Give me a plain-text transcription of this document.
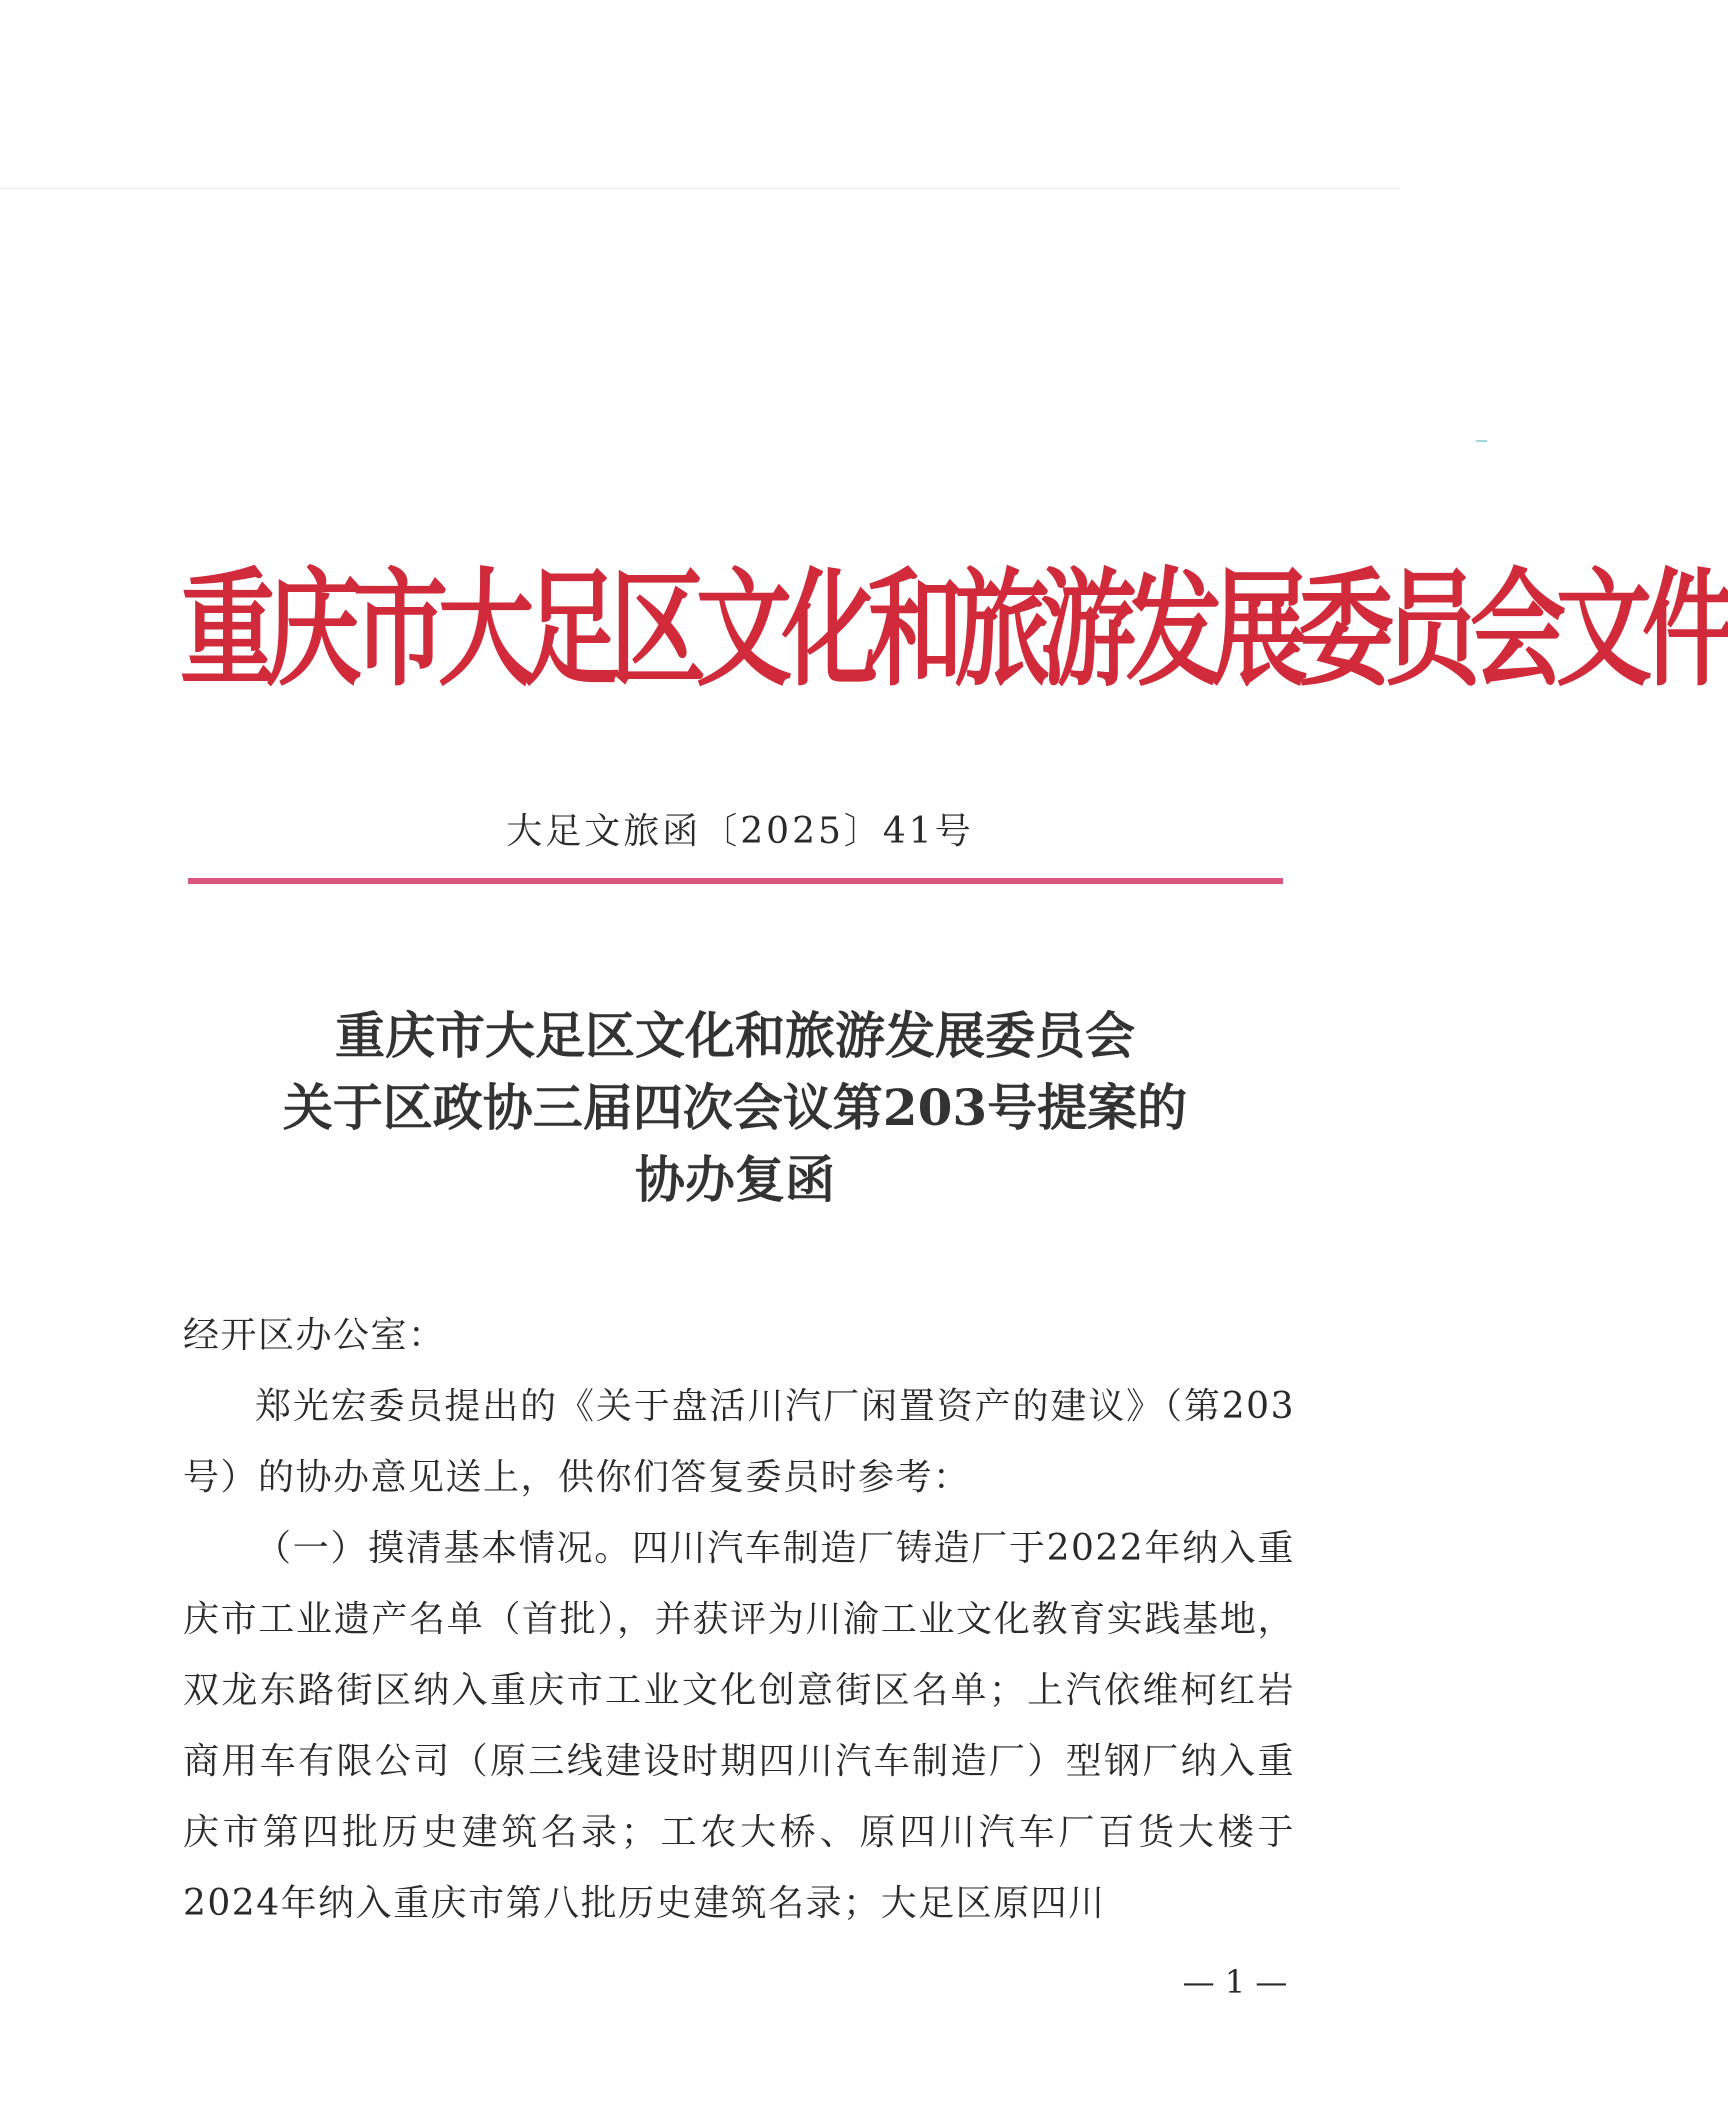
重庆市大足区文化和旅游发展委员会文件
大足文旅函〔2025〕41号
重庆市大足区文化和旅游发展委员会
关于区政协三届四次会议第203号提案的
协办复函

经开区办公室：

郑光宏委员提出的《关于盘活川汽厂闲置资产的建议》（第203号）的协办意见送上，供你们答复委员时参考：

（一）摸清基本情况。四川汽车制造厂铸造厂于2022年纳入重庆市工业遗产名单（首批），并获评为川渝工业文化教育实践基地，双龙东路街区纳入重庆市工业文化创意街区名单；上汽依维柯红岩商用车有限公司（原三线建设时期四川汽车制造厂）型钢厂纳入重庆市第四批历史建筑名录；工农大桥、原四川汽车厂百货大楼于2024年纳入重庆市第八批历史建筑名录；大足区原四川

— 1 —
